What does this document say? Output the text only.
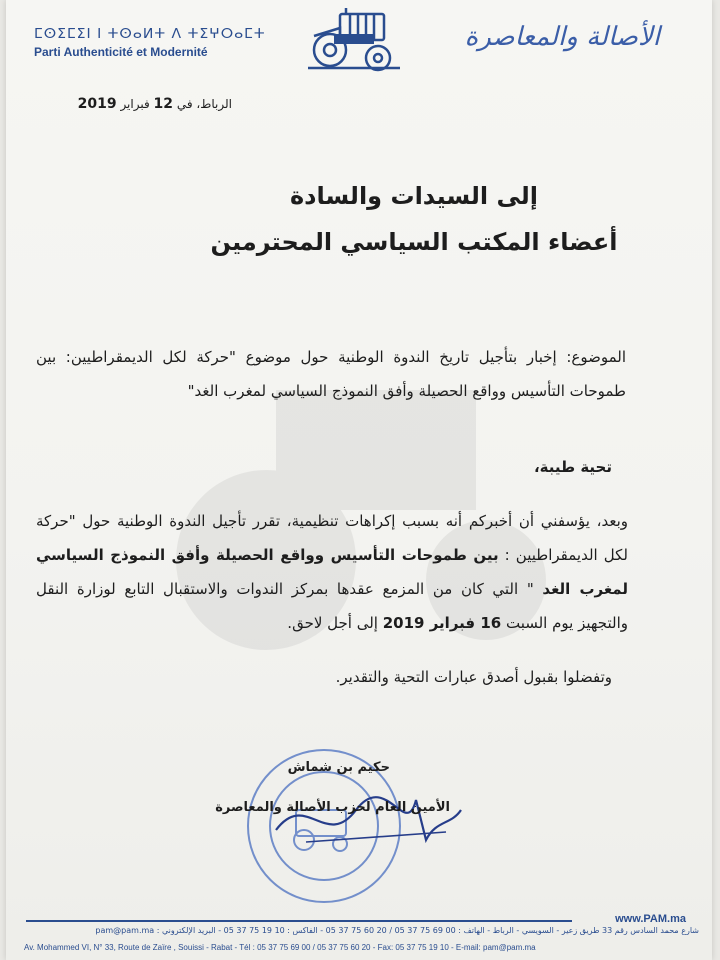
ⵎⵙⵉⵎⵉⵏ ⵏ ⵜⵙⴰⵍⵜ ⴷ ⵜⵉⵖⵔⴰⵎⵜ
Parti Authenticité et Modernité	الأصالة والمعاصرة
الرباط، في 12 فبراير 2019
إلى السيدات والسادة
أعضاء المكتب السياسي المحترمين
الموضوع: إخبار بتأجيل تاريخ الندوة الوطنية حول موضوع "حركة لكل الديمقراطيين: بين طموحات التأسيس وواقع الحصيلة وأفق النموذج السياسي لمغرب الغد"
تحية طيبة،
وبعد، يؤسفني أن أخبركم أنه بسبب إكراهات تنظيمية، تقرر تأجيل الندوة الوطنية حول "حركة لكل الديمقراطيين : بين طموحات التأسيس وواقع الحصيلة وأفق النموذج السياسي لمغرب الغد " التي كان من المزمع عقدها بمركز الندوات والاستقبال التابع لوزارة النقل والتجهيز يوم السبت 16 فبراير 2019 إلى أجل لاحق.
وتفضلوا بقبول أصدق عبارات التحية والتقدير.
حكيم بن شماش
الأمين العام لحزب الأصالة والمعاصرة
www.PAM.ma
شارع محمد السادس رقم 33 طريق زعير - السويسي - الرباط - الهاتف : 00 69 75 37 05 / 20 60 75 37 05 - الفاكس : 10 19 75 37 05 - البريد الإلكتروني : pam@pam.ma
Av. Mohammed VI, N° 33, Route de Zaïre , Souissi - Rabat - Tél : 05 37 75 69 00 / 05 37 75 60 20 - Fax: 05 37 75 19 10 - E-mail: pam@pam.ma
